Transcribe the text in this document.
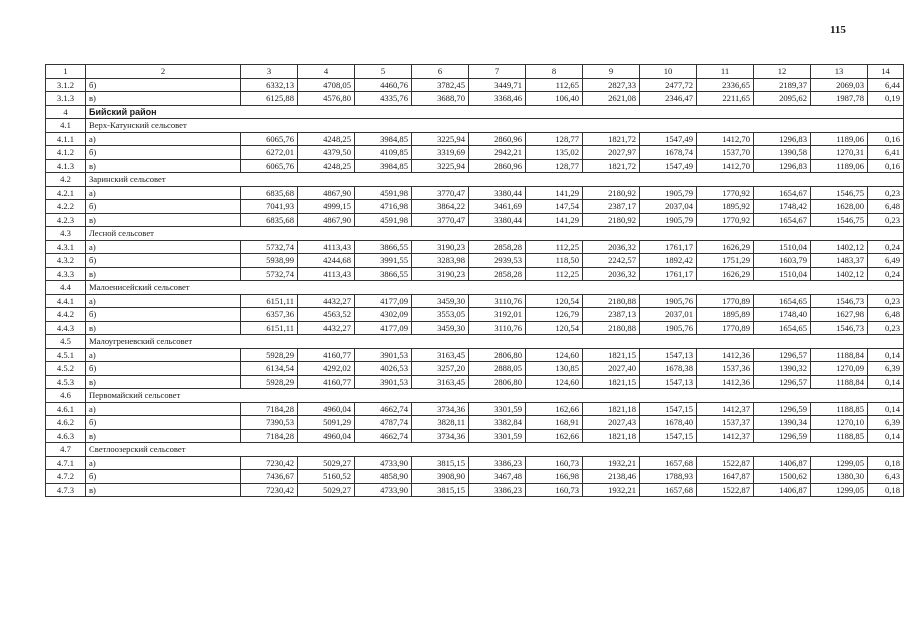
115
1	2	3	4	5	6	7	8	9	10	11	12	13	14
3.1.2	б)	6332,13	4708,05	4460,76	3782,45	3449,71	112,65	2827,33	2477,72	2336,65	2189,37	2069,03	6,44
3.1.3	в)	6125,88	4576,80	4335,76	3688,70	3368,46	106,40	2621,08	2346,47	2211,65	2095,62	1987,78	0,19
4	Бийский район												
4.1	Верх-Катунский сельсовет												
4.1.1	а)	6065,76	4248,25	3984,85	3225,94	2860,96	128,77	1821,72	1547,49	1412,70	1296,83	1189,06	0,16
4.1.2	б)	6272,01	4379,50	4109,85	3319,69	2942,21	135,02	2027,97	1678,74	1537,70	1390,58	1270,31	6,41
4.1.3	в)	6065,76	4248,25	3984,85	3225,94	2860,96	128,77	1821,72	1547,49	1412,70	1296,83	1189,06	0,16
4.2	Заринский сельсовет												
4.2.1	а)	6835,68	4867,90	4591,98	3770,47	3380,44	141,29	2180,92	1905,79	1770,92	1654,67	1546,75	0,23
4.2.2	б)	7041,93	4999,15	4716,98	3864,22	3461,69	147,54	2387,17	2037,04	1895,92	1748,42	1628,00	6,48
4.2.3	в)	6835,68	4867,90	4591,98	3770,47	3380,44	141,29	2180,92	1905,79	1770,92	1654,67	1546,75	0,23
4.3	Лесной сельсовет												
4.3.1	а)	5732,74	4113,43	3866,55	3190,23	2858,28	112,25	2036,32	1761,17	1626,29	1510,04	1402,12	0,24
4.3.2	б)	5938,99	4244,68	3991,55	3283,98	2939,53	118,50	2242,57	1892,42	1751,29	1603,79	1483,37	6,49
4.3.3	в)	5732,74	4113,43	3866,55	3190,23	2858,28	112,25	2036,32	1761,17	1626,29	1510,04	1402,12	0,24
4.4	Малоенисейский сельсовет												
4.4.1	а)	6151,11	4432,27	4177,09	3459,30	3110,76	120,54	2180,88	1905,76	1770,89	1654,65	1546,73	0,23
4.4.2	б)	6357,36	4563,52	4302,09	3553,05	3192,01	126,79	2387,13	2037,01	1895,89	1748,40	1627,98	6,48
4.4.3	в)	6151,11	4432,27	4177,09	3459,30	3110,76	120,54	2180,88	1905,76	1770,89	1654,65	1546,73	0,23
4.5	Малоугреневский сельсовет												
4.5.1	а)	5928,29	4160,77	3901,53	3163,45	2806,80	124,60	1821,15	1547,13	1412,36	1296,57	1188,84	0,14
4.5.2	б)	6134,54	4292,02	4026,53	3257,20	2888,05	130,85	2027,40	1678,38	1537,36	1390,32	1270,09	6,39
4.5.3	в)	5928,29	4160,77	3901,53	3163,45	2806,80	124,60	1821,15	1547,13	1412,36	1296,57	1188,84	0,14
4.6	Первомайский сельсовет												
4.6.1	а)	7184,28	4960,04	4662,74	3734,36	3301,59	162,66	1821,18	1547,15	1412,37	1296,59	1188,85	0,14
4.6.2	б)	7390,53	5091,29	4787,74	3828,11	3382,84	168,91	2027,43	1678,40	1537,37	1390,34	1270,10	6,39
4.6.3	в)	7184,28	4960,04	4662,74	3734,36	3301,59	162,66	1821,18	1547,15	1412,37	1296,59	1188,85	0,14
4.7	Светлоозерский сельсовет												
4.7.1	а)	7230,42	5029,27	4733,90	3815,15	3386,23	160,73	1932,21	1657,68	1522,87	1406,87	1299,05	0,18
4.7.2	б)	7436,67	5160,52	4858,90	3908,90	3467,48	166,98	2138,46	1788,93	1647,87	1500,62	1380,30	6,43
4.7.3	в)	7230,42	5029,27	4733,90	3815,15	3386,23	160,73	1932,21	1657,68	1522,87	1406,87	1299,05	0,18
